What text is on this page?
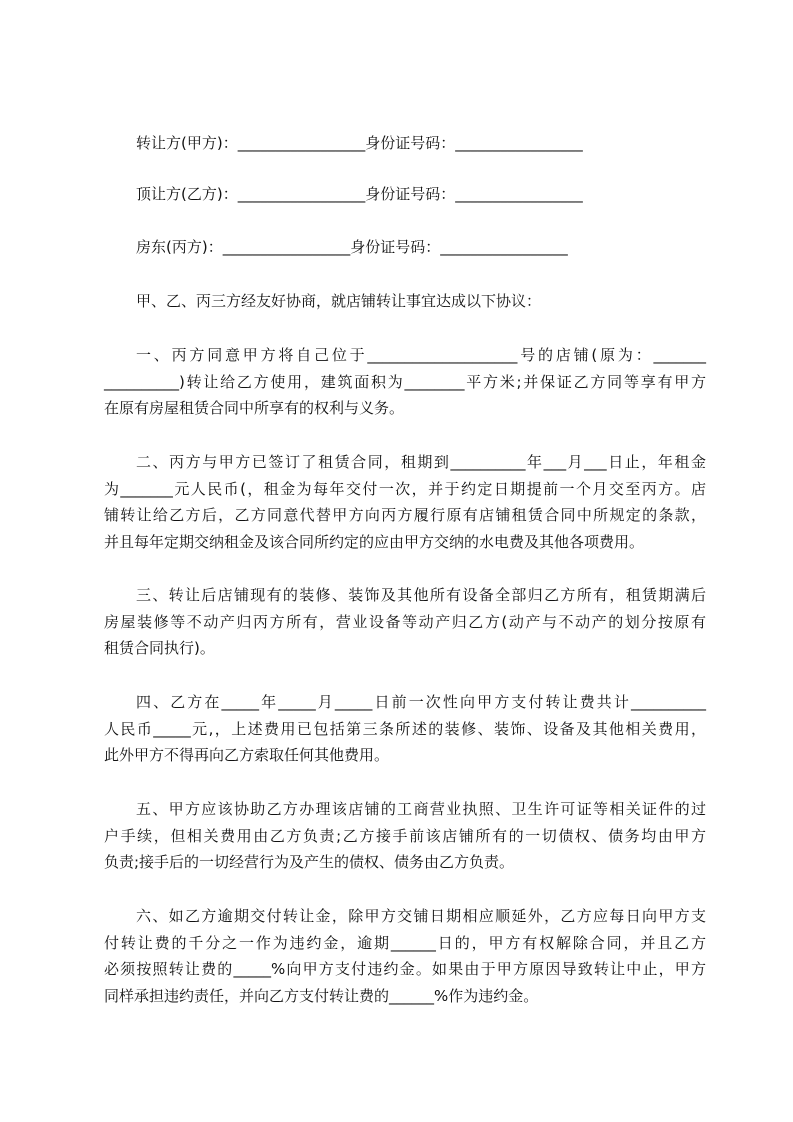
转让方(甲方)：_________________身份证号码：_________________
顶让方(乙方)：_________________身份证号码：_________________
房东(丙方)：_________________身份证号码：_________________
甲、乙、丙三方经友好协商，就店铺转让事宜达成以下协议：
一、丙方同意甲方将自己位于____________________号的店铺(原为：_______
__________)转让给乙方使用，建筑面积为________平方米;并保证乙方同等享有甲方
在原有房屋租赁合同中所享有的权利与义务。
二、丙方与甲方已签订了租赁合同，租期到__________年___月___日止，年租金
为_______元人民币(，租金为每年交付一次，并于约定日期提前一个月交至丙方。店
铺转让给乙方后，乙方同意代替甲方向丙方履行原有店铺租赁合同中所规定的条款，
并且每年定期交纳租金及该合同所约定的应由甲方交纳的水电费及其他各项费用。
三、转让后店铺现有的装修、装饰及其他所有设备全部归乙方所有，租赁期满后
房屋装修等不动产归丙方所有，营业设备等动产归乙方(动产与不动产的划分按原有
租赁合同执行)。
四、乙方在_____年_____月_____日前一次性向甲方支付转让费共计__________
人民币_____元,，上述费用已包括第三条所述的装修、装饰、设备及其他相关费用，
此外甲方不得再向乙方索取任何其他费用。
五、甲方应该协助乙方办理该店铺的工商营业执照、卫生许可证等相关证件的过
户手续，但相关费用由乙方负责;乙方接手前该店铺所有的一切债权、债务均由甲方
负责;接手后的一切经营行为及产生的债权、债务由乙方负责。
六、如乙方逾期交付转让金，除甲方交铺日期相应顺延外，乙方应每日向甲方支
付转让费的千分之一作为违约金，逾期______日的，甲方有权解除合同，并且乙方
必须按照转让费的_____%向甲方支付违约金。如果由于甲方原因导致转让中止，甲方
同样承担违约责任，并向乙方支付转让费的______%作为违约金。
